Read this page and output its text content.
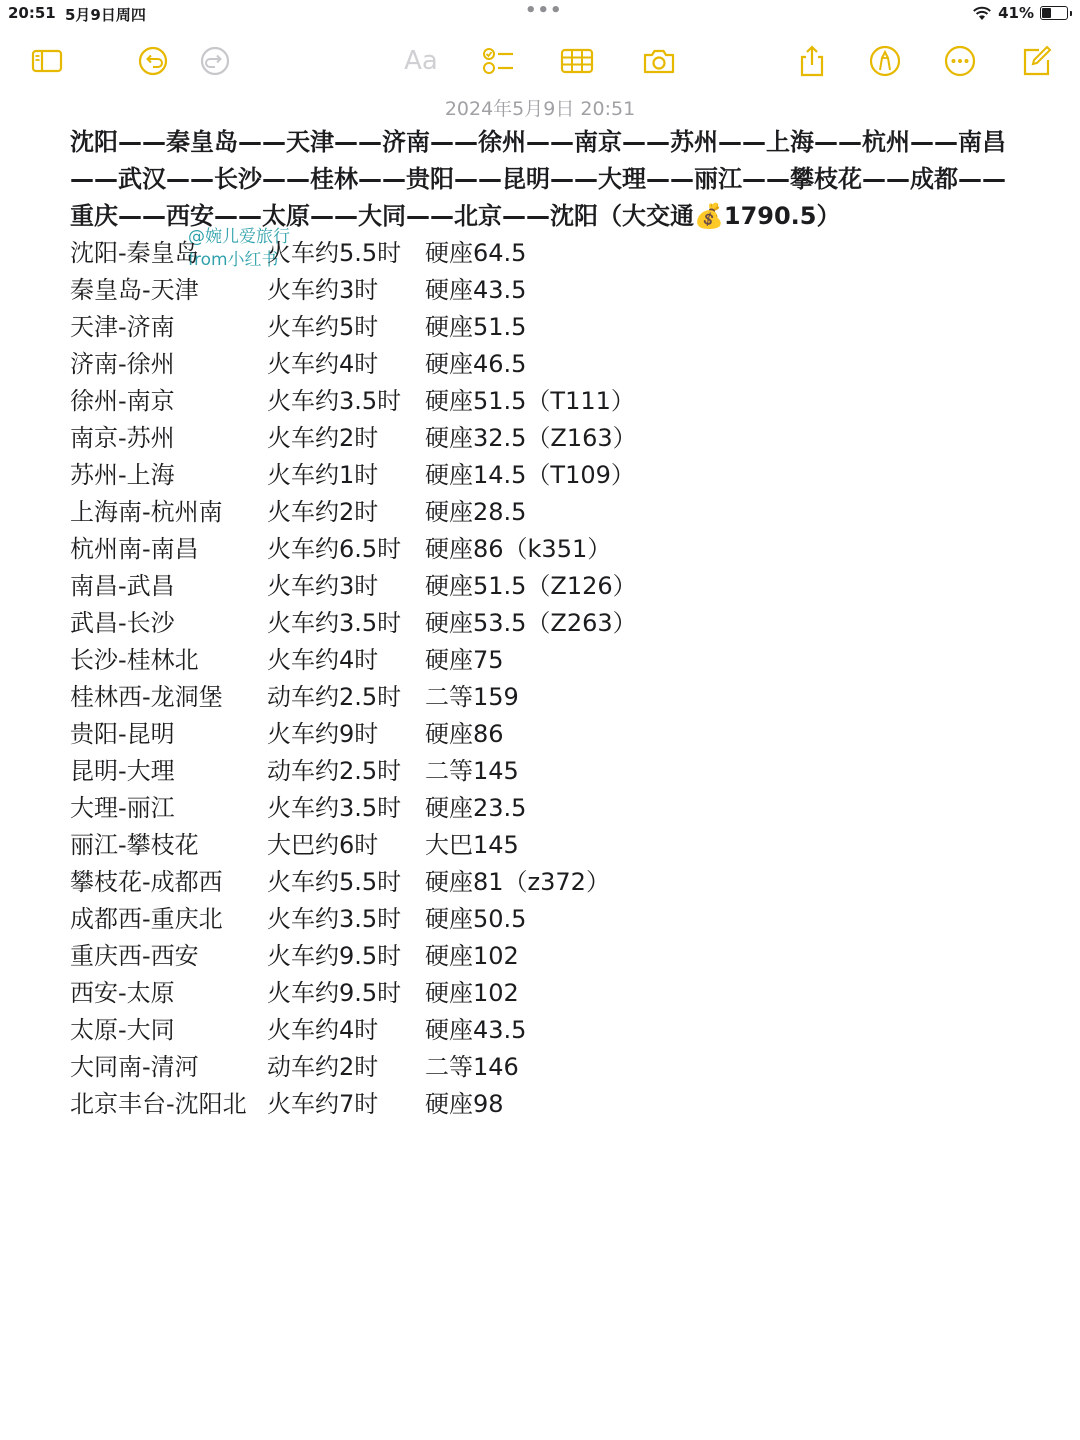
20:51 5月9日周四	•••	41%
Aa
2024年5月9日 20:51
沈阳——秦皇岛——天津——济南——徐州——南京——苏州——上海——杭州——南昌——武汉——长沙——桂林——贵阳——昆明——大理——丽江——攀枝花——成都——重庆——西安——太原——大同——北京——沈阳（大交通💰1790.5）
@婉儿爱旅行
from小红书
沈阳-秦皇岛	火车约5.5时 硬座64.5
秦皇岛-天津	火车约3时 硬座43.5
天津-济南	火车约5时 硬座51.5
济南-徐州	火车约4时 硬座46.5
徐州-南京	火车约3.5时 硬座51.5（T111）
南京-苏州	火车约2时 硬座32.5（Z163）
苏州-上海	火车约1时 硬座14.5（T109）
上海南-杭州南 火车约2时 硬座28.5
杭州南-南昌	火车约6.5时 硬座86（k351）
南昌-武昌	火车约3时 硬座51.5（Z126）
武昌-长沙	火车约3.5时 硬座53.5（Z263）
长沙-桂林北	火车约4时 硬座75
桂林西-龙洞堡 动车约2.5时 二等159
贵阳-昆明	火车约9时 硬座86
昆明-大理	动车约2.5时 二等145
大理-丽江	火车约3.5时 硬座23.5
丽江-攀枝花	大巴约6时 大巴145
攀枝花-成都西 火车约5.5时 硬座81（z372）
成都西-重庆北 火车约3.5时 硬座50.5
重庆西-西安	火车约9.5时 硬座102
西安-太原	火车约9.5时 硬座102
太原-大同	火车约4时 硬座43.5
大同南-清河	动车约2时 二等146
北京丰台-沈阳北 火车约7时 硬座98
